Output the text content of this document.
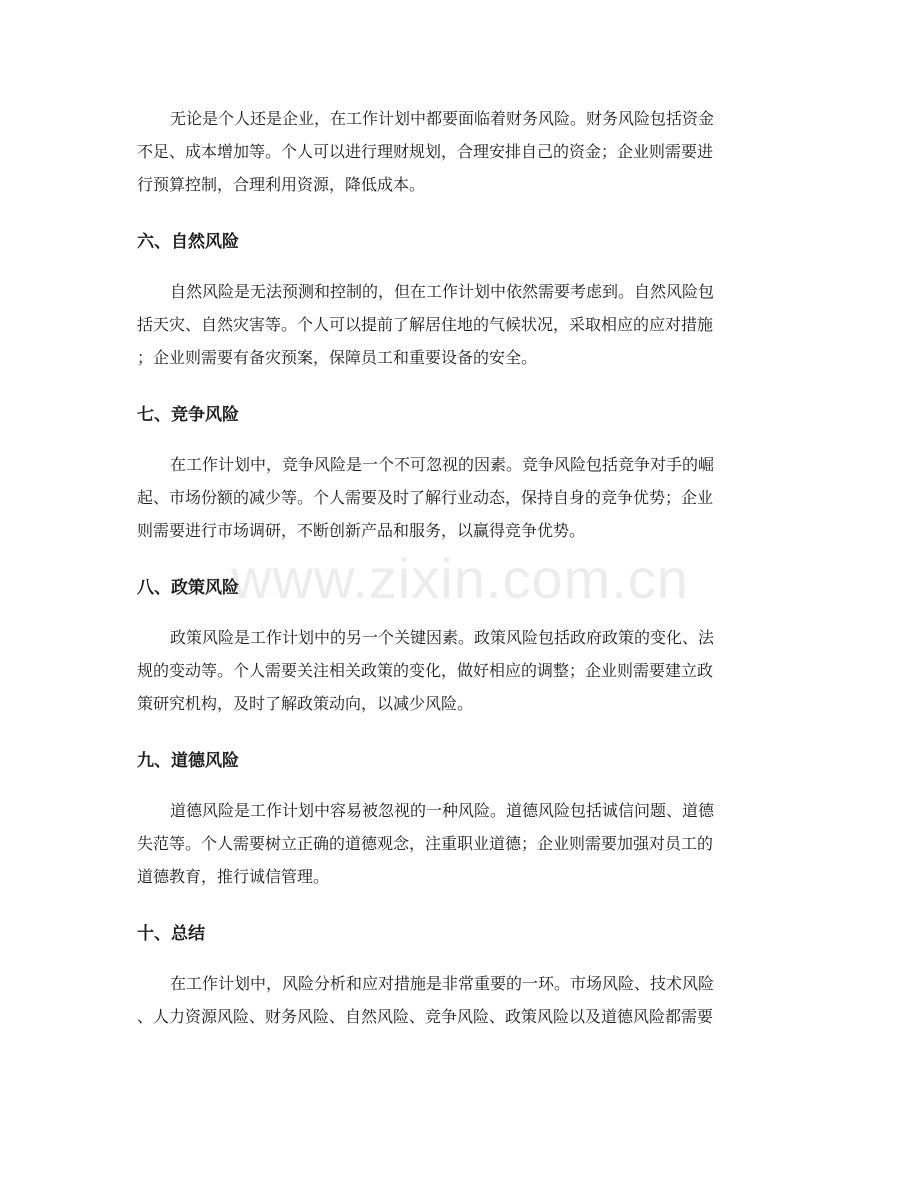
www.zixin.com.cn
无论是个人还是企业，在工作计划中都要面临着财务风险。财务风险包括资金
不足、成本增加等。个人可以进行理财规划，合理安排自己的资金；企业则需要进
行预算控制，合理利用资源，降低成本。
六、自然风险
自然风险是无法预测和控制的，但在工作计划中依然需要考虑到。自然风险包
括天灾、自然灾害等。个人可以提前了解居住地的气候状况，采取相应的应对措施
；企业则需要有备灾预案，保障员工和重要设备的安全。
七、竞争风险
在工作计划中，竞争风险是一个不可忽视的因素。竞争风险包括竞争对手的崛
起、市场份额的减少等。个人需要及时了解行业动态，保持自身的竞争优势；企业
则需要进行市场调研，不断创新产品和服务，以赢得竞争优势。
八、政策风险
政策风险是工作计划中的另一个关键因素。政策风险包括政府政策的变化、法
规的变动等。个人需要关注相关政策的变化，做好相应的调整；企业则需要建立政
策研究机构，及时了解政策动向，以减少风险。
九、道德风险
道德风险是工作计划中容易被忽视的一种风险。道德风险包括诚信问题、道德
失范等。个人需要树立正确的道德观念，注重职业道德；企业则需要加强对员工的
道德教育，推行诚信管理。
十、总结
在工作计划中，风险分析和应对措施是非常重要的一环。市场风险、技术风险
、人力资源风险、财务风险、自然风险、竞争风险、政策风险以及道德风险都需要
